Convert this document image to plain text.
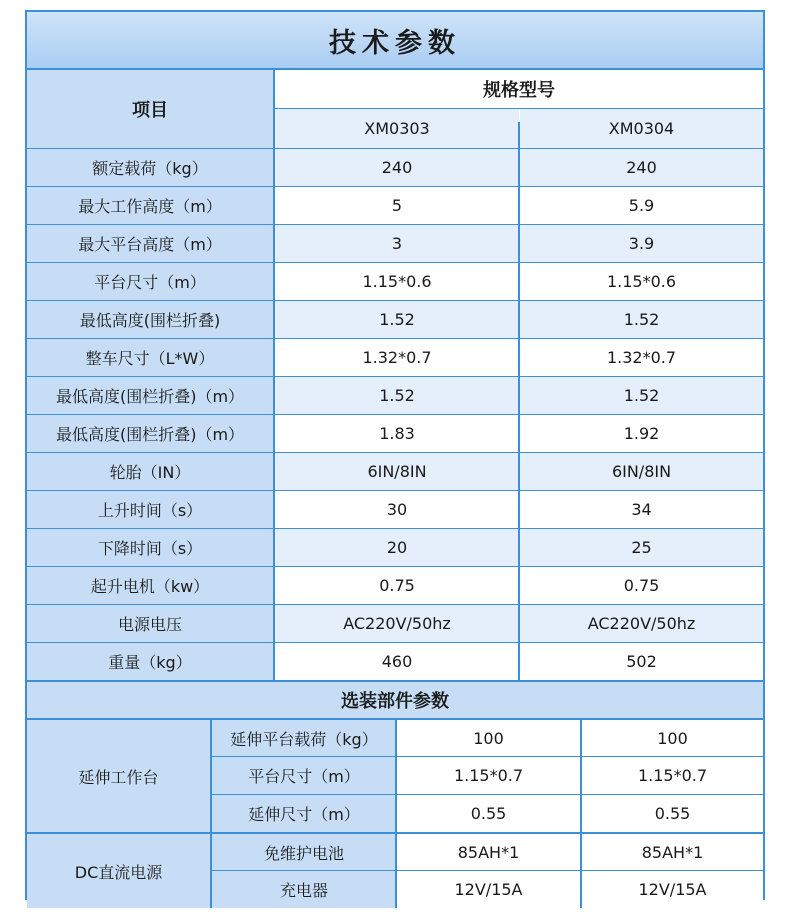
技术参数
项目
规格型号
XM0303	XM0304
额定载荷（kg）	240	240
最大工作高度（m）	5	5.9
最大平台高度（m）	3	3.9
平台尺寸（m）	1.15*0.6	1.15*0.6
最低高度(围栏折叠)	1.52	1.52
整车尺寸（L*W）	1.32*0.7	1.32*0.7
最低高度(围栏折叠)（m）	1.52	1.52
最低高度(围栏折叠)（m）	1.83	1.92
轮胎（IN）	6IN/8IN	6IN/8IN
上升时间（s）	30	34
下降时间（s）	20	25
起升电机（kw）	0.75	0.75
电源电压	AC220V/50hz	AC220V/50hz
重量（kg）	460	502
选装部件参数
延伸工作台
延伸平台载荷（kg）	100	100
平台尺寸（m）	1.15*0.7	1.15*0.7
延伸尺寸（m）	0.55	0.55
DC直流电源
免维护电池	85AH*1	85AH*1
充电器	12V/15A	12V/15A
